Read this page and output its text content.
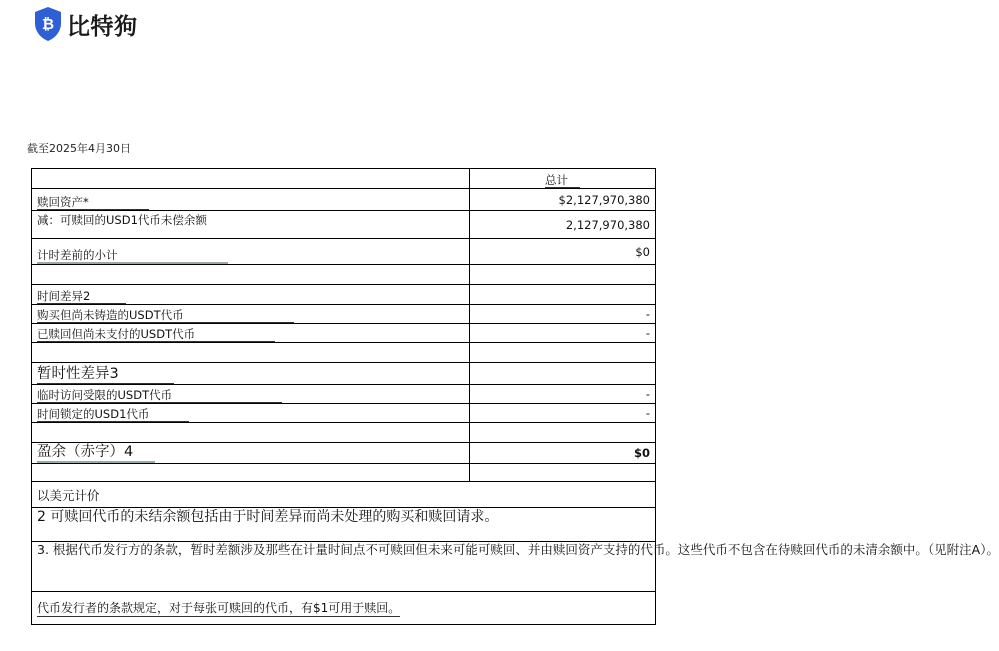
₿ 比特狗
截至2025年4月30日
	总计
赎回资产*	$2,127,970,380
减：可赎回的USD1代币未偿余额	2,127,970,380
计时差前的小计	$0

时间差异2	
购买但尚未铸造的USDT代币	-
已赎回但尚未支付的USDT代币	-

暂时性差异3	
临时访问受限的USDT代币	-
时间锁定的USD1代币	-

盈余（赤字）4	$0

以美元计价	
2 可赎回代币的未结余额包括由于时间差异而尚未处理的购买和赎回请求。	
3. 根据代币发行方的条款，暂时差额涉及那些在计量时间点不可赎回但未来可能可赎回、并由赎回资产支持的代币。这些代币不包含在待赎回代币的未清余额中。（见附注A）。	
代币发行者的条款规定，对于每张可赎回的代币，有$1可用于赎回。	
